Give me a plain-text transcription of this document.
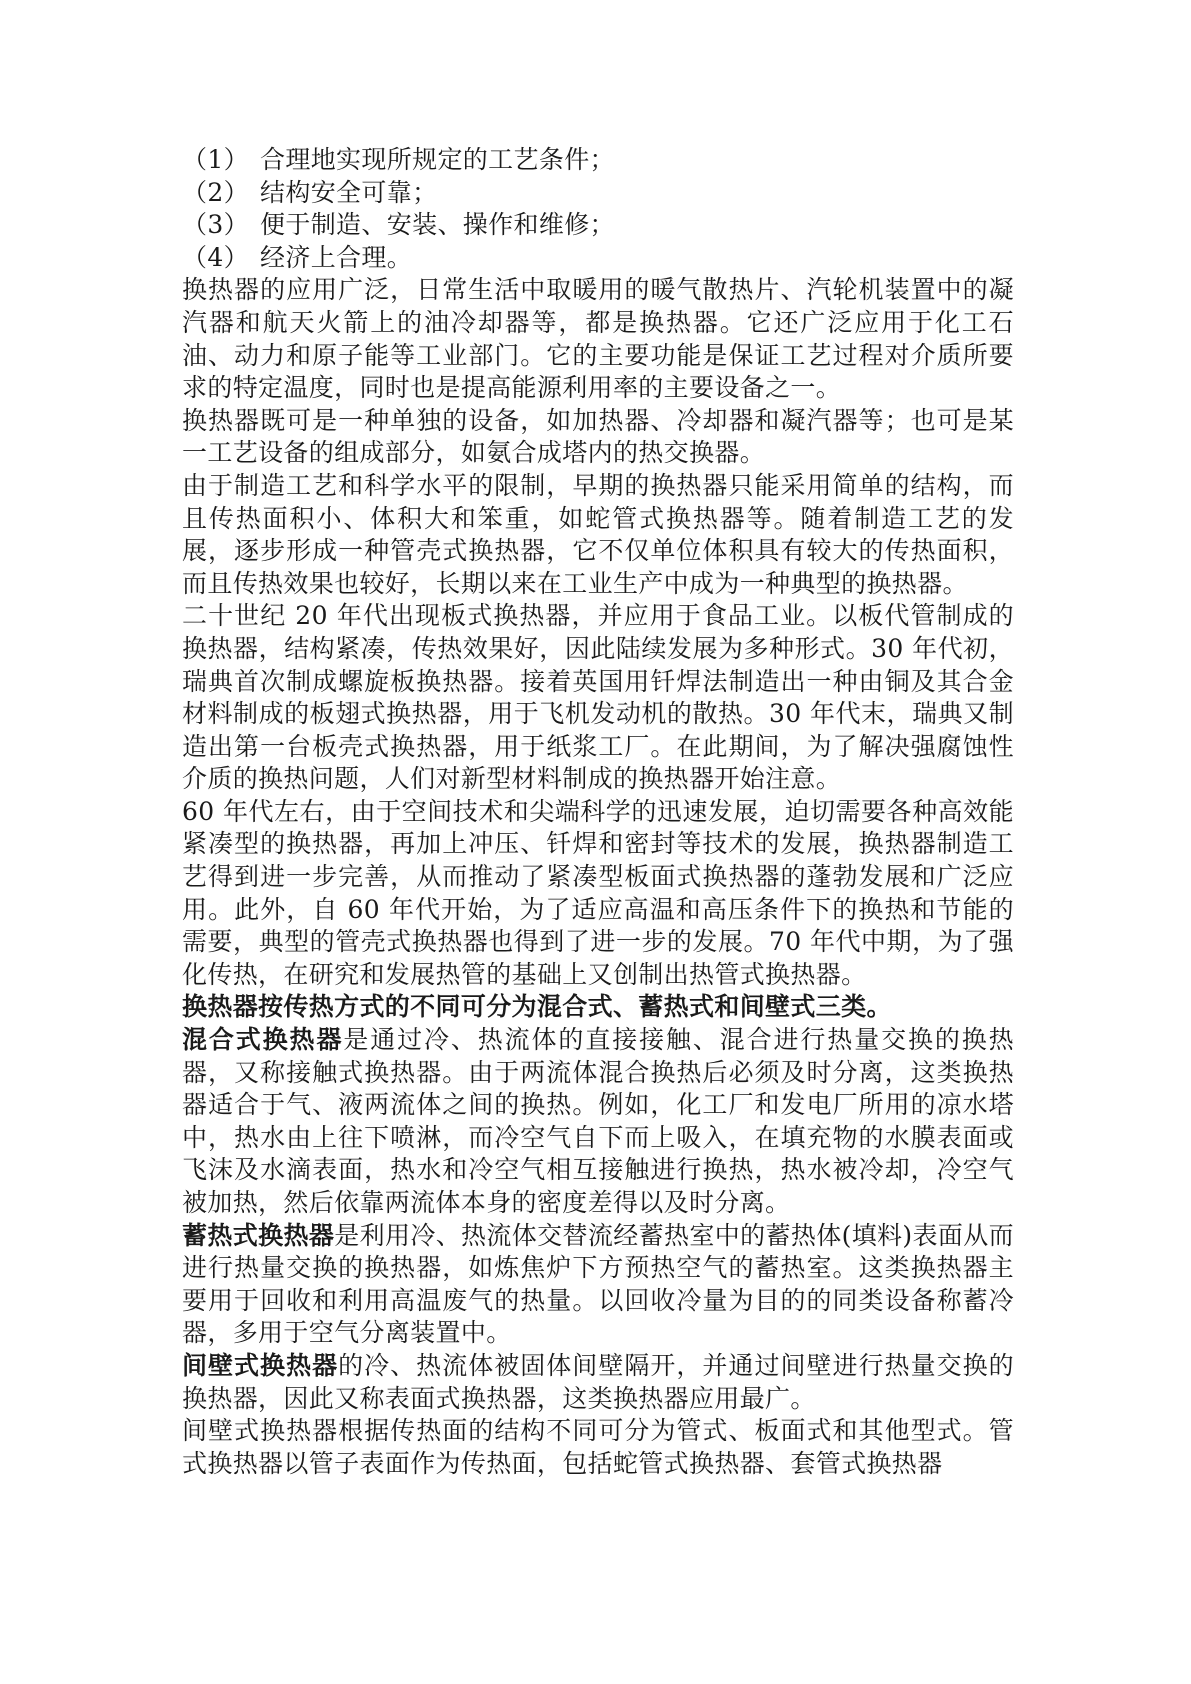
（1） 合理地实现所规定的工艺条件；
（2） 结构安全可靠；
（3） 便于制造、安装、操作和维修；
（4） 经济上合理。

换热器的应用广泛，日常生活中取暖用的暖气散热片、汽轮机装置中的凝汽器和航天火箭上的油冷却器等，都是换热器。它还广泛应用于化工石油、动力和原子能等工业部门。它的主要功能是保证工艺过程对介质所要求的特定温度，同时也是提高能源利用率的主要设备之一。

换热器既可是一种单独的设备，如加热器、冷却器和凝汽器等；也可是某一工艺设备的组成部分，如氨合成塔内的热交换器。

由于制造工艺和科学水平的限制，早期的换热器只能采用简单的结构，而且传热面积小、体积大和笨重，如蛇管式换热器等。随着制造工艺的发展，逐步形成一种管壳式换热器，它不仅单位体积具有较大的传热面积，而且传热效果也较好，长期以来在工业生产中成为一种典型的换热器。

二十世纪 20 年代出现板式换热器，并应用于食品工业。以板代管制成的换热器，结构紧凑，传热效果好，因此陆续发展为多种形式。30 年代初，瑞典首次制成螺旋板换热器。接着英国用钎焊法制造出一种由铜及其合金材料制成的板翅式换热器，用于飞机发动机的散热。30 年代末，瑞典又制造出第一台板壳式换热器，用于纸浆工厂。在此期间，为了解决强腐蚀性介质的换热问题，人们对新型材料制成的换热器开始注意。

60 年代左右，由于空间技术和尖端科学的迅速发展，迫切需要各种高效能紧凑型的换热器，再加上冲压、钎焊和密封等技术的发展，换热器制造工艺得到进一步完善，从而推动了紧凑型板面式换热器的蓬勃发展和广泛应用。此外，自 60 年代开始，为了适应高温和高压条件下的换热和节能的需要，典型的管壳式换热器也得到了进一步的发展。70 年代中期，为了强化传热，在研究和发展热管的基础上又创制出热管式换热器。

换热器按传热方式的不同可分为混合式、蓄热式和间壁式三类。

混合式换热器是通过冷、热流体的直接接触、混合进行热量交换的换热器，又称接触式换热器。由于两流体混合换热后必须及时分离，这类换热器适合于气、液两流体之间的换热。例如，化工厂和发电厂所用的凉水塔中，热水由上往下喷淋，而冷空气自下而上吸入，在填充物的水膜表面或飞沫及水滴表面，热水和冷空气相互接触进行换热，热水被冷却，冷空气被加热，然后依靠两流体本身的密度差得以及时分离。

蓄热式换热器是利用冷、热流体交替流经蓄热室中的蓄热体(填料)表面从而进行热量交换的换热器，如炼焦炉下方预热空气的蓄热室。这类换热器主要用于回收和利用高温废气的热量。以回收冷量为目的的同类设备称蓄冷器，多用于空气分离装置中。

间壁式换热器的冷、热流体被固体间壁隔开，并通过间壁进行热量交换的换热器，因此又称表面式换热器，这类换热器应用最广。

间壁式换热器根据传热面的结构不同可分为管式、板面式和其他型式。管式换热器以管子表面作为传热面，包括蛇管式换热器、套管式换热器
